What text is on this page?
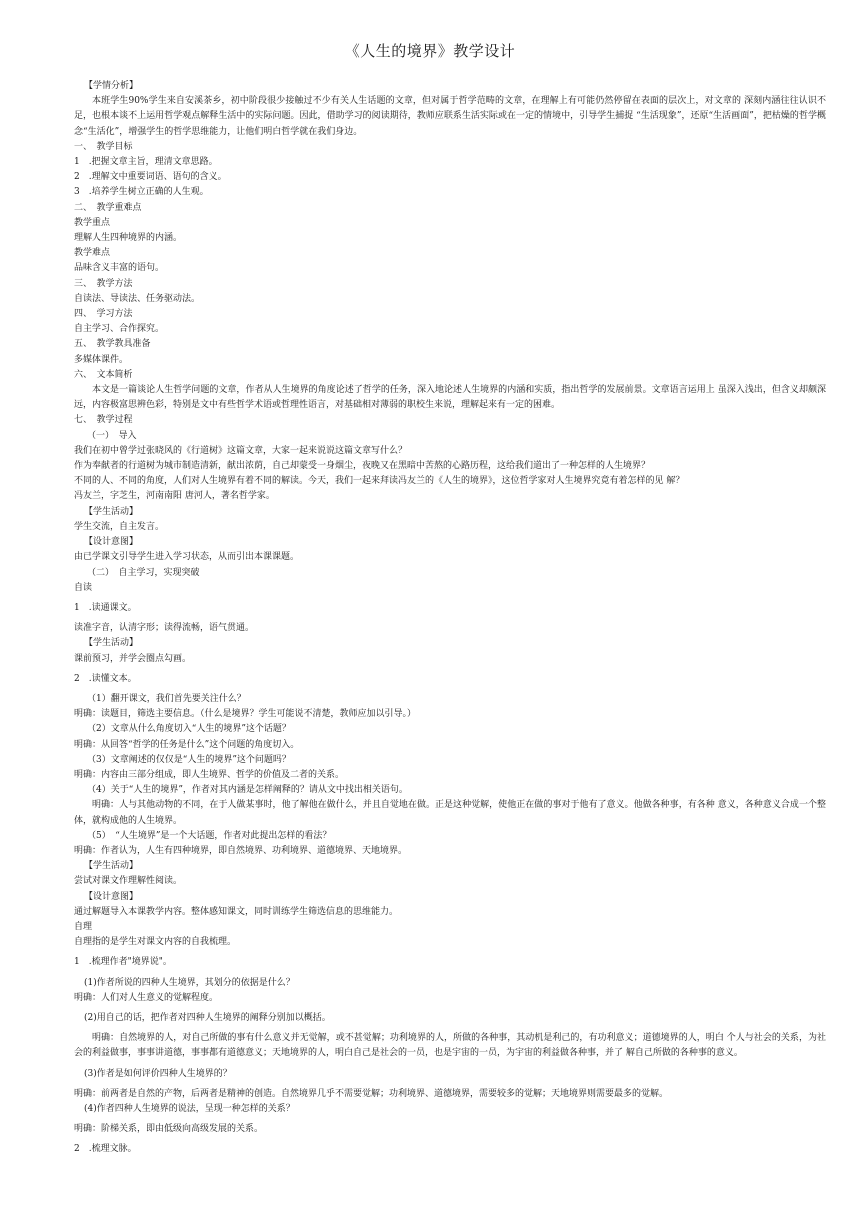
《人生的境界》教学设计
【学情分析】
本班学生90%学生来自安溪茶乡，初中阶段很少接触过不少有关人生话题的文章，但对属于哲学范畴的文章，在理解上有可能仍然停留在表面的层次上，对文章的 深刻内涵往往认识不足，也根本谈不上运用哲学观点解释生活中的实际问题。因此，借助学习的阅读期待，教师应联系生活实际或在一定的情境中，引导学生捕捉 “生活现象”，还原“生活画面”，把枯燥的哲学概念“生活化”，增强学生的哲学思维能力，让他们明白哲学就在我们身边。
一、　教学目标
1　.把握文章主旨，理清文章思路。
2　.理解文中重要词语、语句的含义。
3　.培养学生树立正确的人生观。
二、　教学重难点
教学重点
理解人生四种境界的内涵。
教学难点
品味含义丰富的语句。
三、　教学方法
自读法、导读法、任务驱动法。
四、　学习方法
自主学习、合作探究。
五、　教学教具准备
多媒体课件。
六、　文本简析
本文是一篇谈论人生哲学问题的文章，作者从人生境界的角度论述了哲学的任务，深入地论述人生境界的内涵和实质，指出哲学的发展前景。文章语言运用上 虽深入浅出，但含义却颇深远，内容极富思辨色彩，特别是文中有些哲学术语或哲理性语言，对基础相对薄弱的职校生来说，理解起来有一定的困难。
七、　教学过程
（一）　导入
我们在初中曾学过张晓风的《行道树》这篇文章，大家一起来说说这篇文章写什么？
作为奉献者的行道树为城市制造清新，献出浓荫，自己却蒙受一身烟尘，夜晚又在黑暗中苦熬的心路历程，这给我们道出了一种怎样的人生境界？
不同的人、不同的角度，人们对人生境界有着不同的解读。今天，我们一起来拜读冯友兰的《人生的境界》，这位哲学家对人生境界究竟有着怎样的见 解？
冯友兰，字芝生，河南南阳 唐河人，著名哲学家。
【学生活动】
学生交流，自主发言。
【设计意图】
由已学课文引导学生进入学习状态，从而引出本课课题。
（二）　自主学习，实现突破
自读
1　.读通课文。
读准字音，认清字形；读得流畅，语气贯通。
【学生活动】
课前预习，并学会圈点勾画。
2　.读懂文本。
（1）翻开课文，我们首先要关注什么？
明确：读题目，筛选主要信息。（什么是境界？学生可能说不清楚，教师应加以引导。）
（2）文章从什么角度切入“人生的境界”这个话题？
明确：从回答“哲学的任务是什么”这个问题的角度切入。
（3）文章阐述的仅仅是“人生的境界”这个问题吗？
明确：内容由三部分组成，即人生境界、哲学的价值及二者的关系。
（4）关于“人生的境界”，作者对其内涵是怎样阐释的？请从文中找出相关语句。
明确：人与其他动物的不同，在于人做某事时，他了解他在做什么，并且自觉地在做。正是这种觉解，使他正在做的事对于他有了意义。他做各种事，有各种 意义，各种意义合成一个整体，就构成他的人生境界。
（5）　“人生境界”是一个大话题，作者对此提出怎样的看法？
明确：作者认为，人生有四种境界，即自然境界、功利境界、道德境界、天地境界。
【学生活动】
尝试对课文作理解性阅读。
【设计意图】
通过解题导入本课教学内容。整体感知课文，同时训练学生筛选信息的思维能力。
自理
自理指的是学生对课文内容的自我梳理。
1　.梳理作者"境界说"。
(1)作者所说的四种人生境界，其划分的依据是什么？
明确：人们对人生意义的觉解程度。
(2)用自己的话，把作者对四种人生境界的阐释分别加以概括。
明确：自然境界的人，对自己所做的事有什么意义并无觉解，或不甚觉解；功利境界的人，所做的各种事，其动机是利己的，有功利意义；道德境界的人，明白 个人与社会的关系，为社会的利益做事，事事讲道德，事事都有道德意义；天地境界的人，明白自己是社会的一员，也是宇宙的一员，为宇宙的利益做各种事，并了 解自己所做的各种事的意义。
(3)作者是如何评价四种人生境界的？
明确：前两者是自然的产物，后两者是精神的创造。自然境界几乎不需要觉解；功利境界、道德境界，需要较多的觉解；天地境界则需要最多的觉解。
(4)作者四种人生境界的说法，呈现一种怎样的关系？
明确：阶梯关系，即由低级向高级发展的关系。
2　.梳理文脉。
